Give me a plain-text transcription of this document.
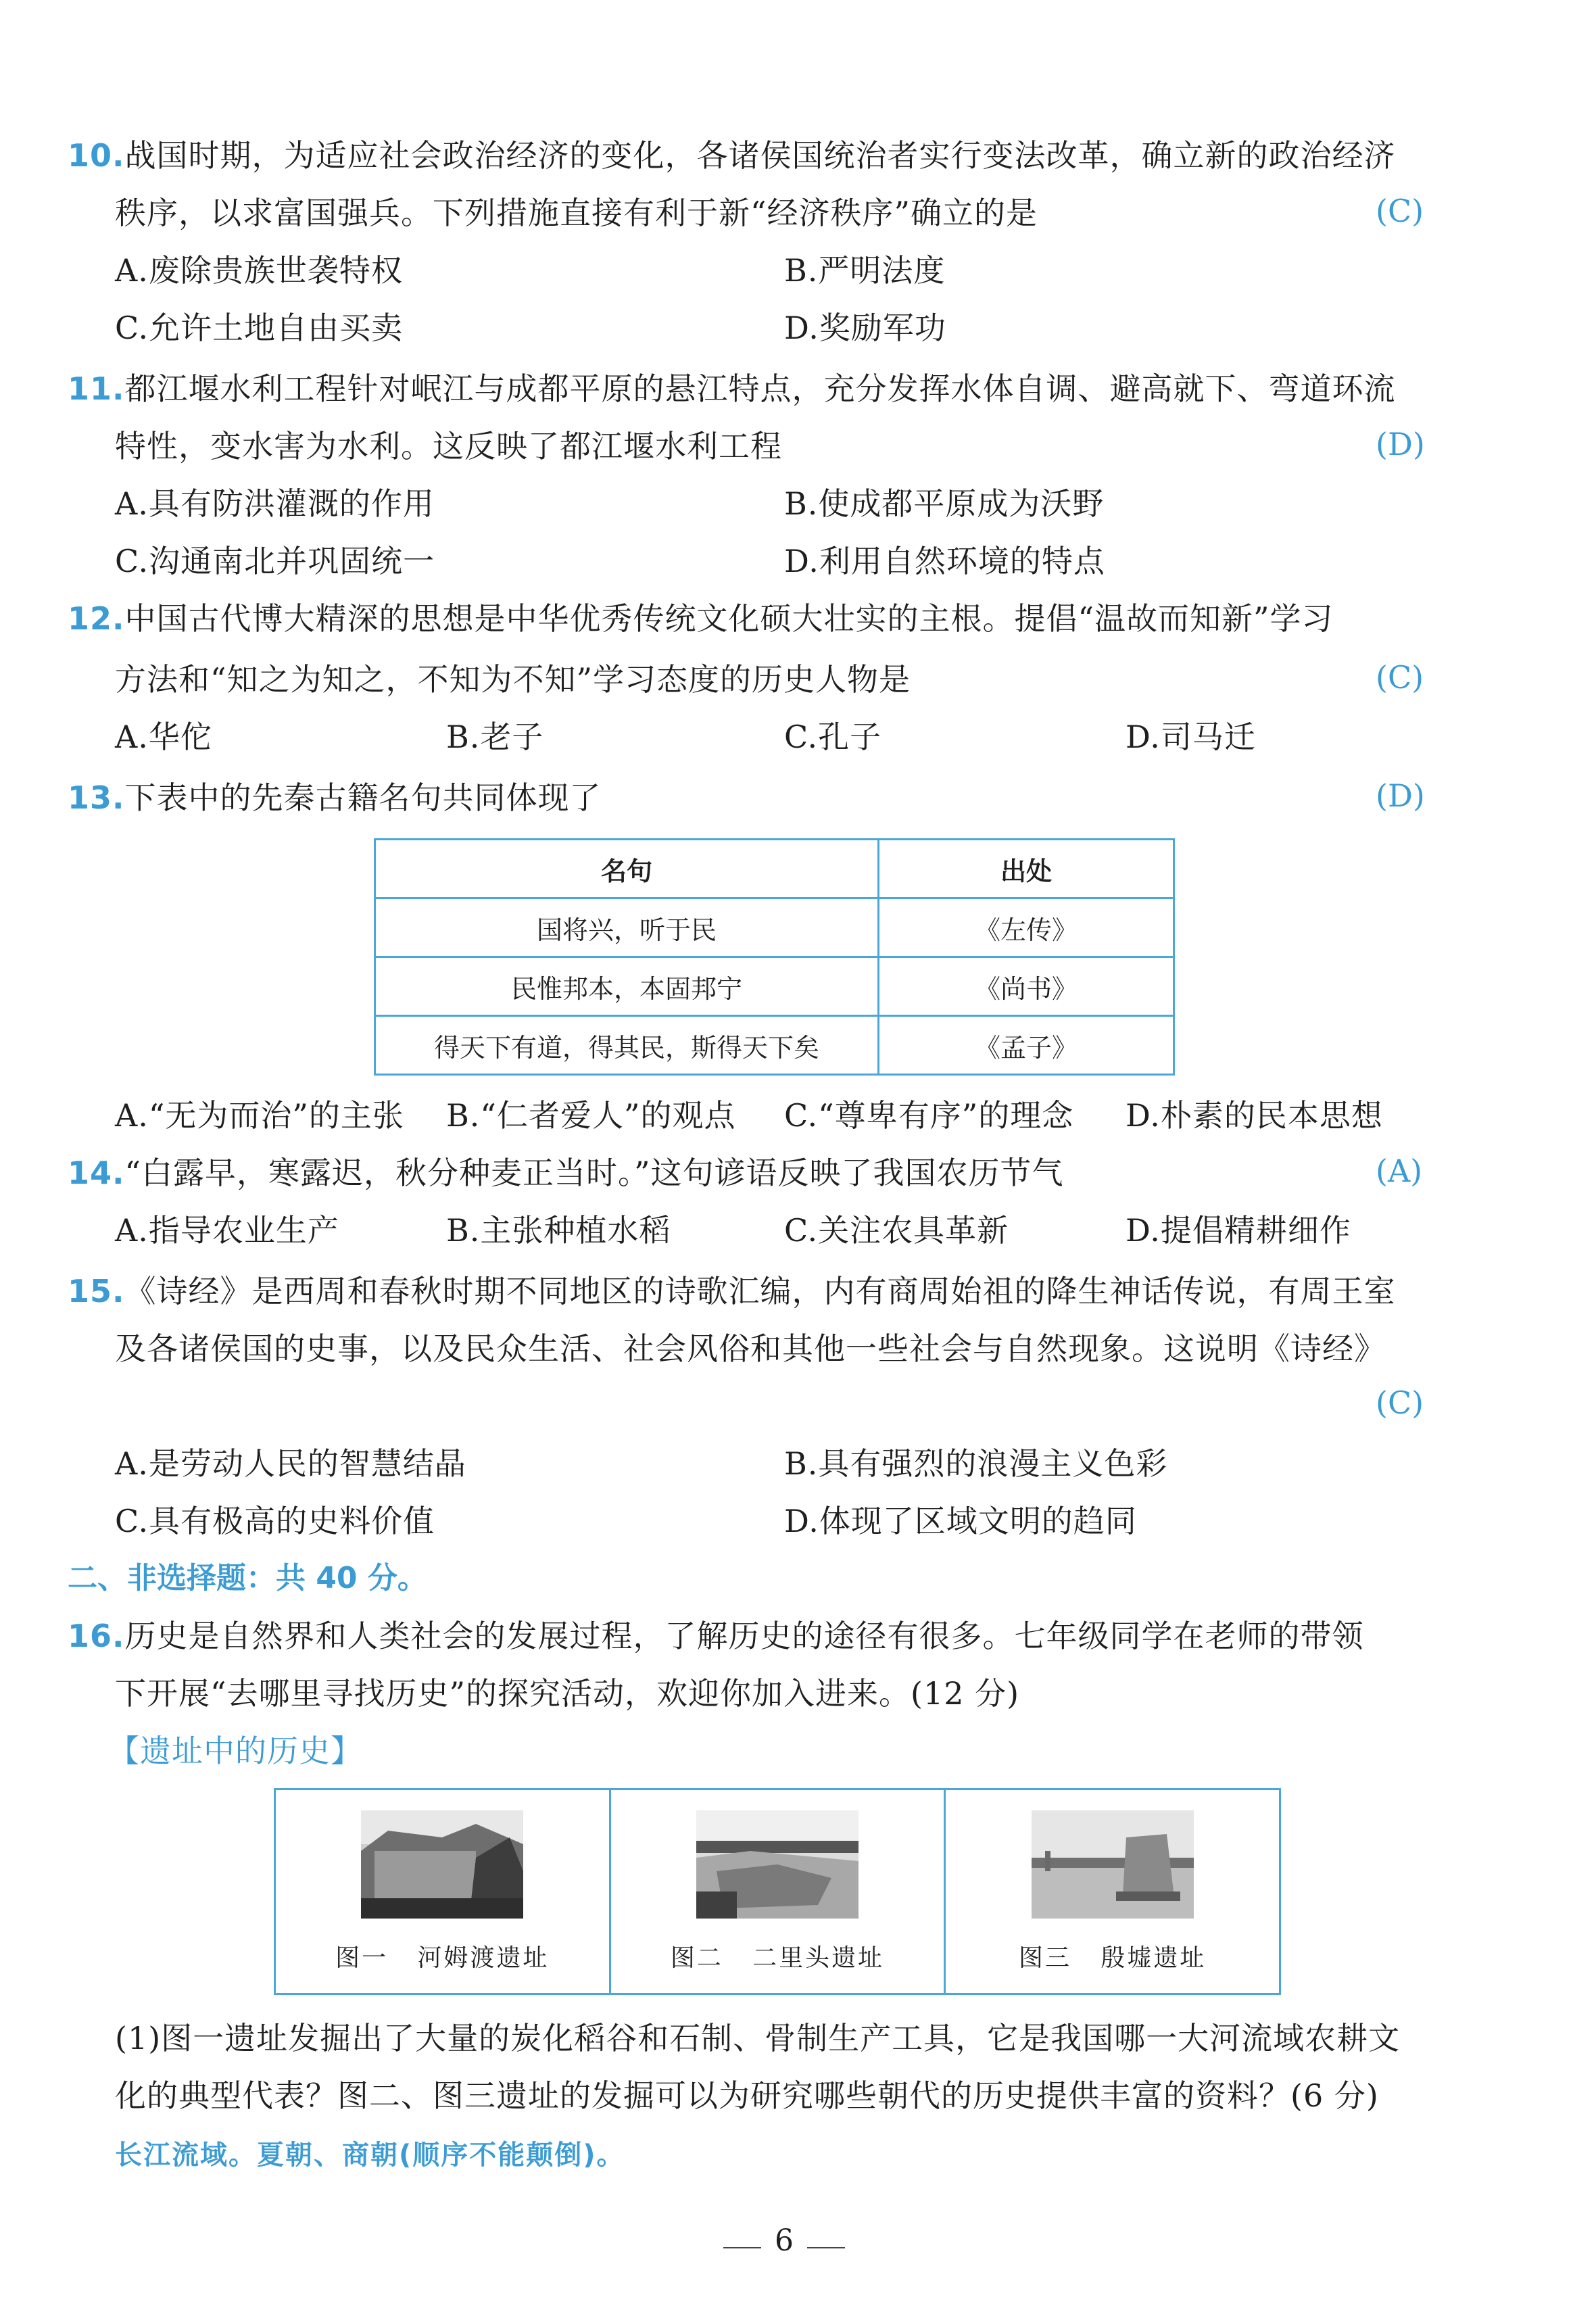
10.战国时期，为适应社会政治经济的变化，各诸侯国统治者实行变法改革，确立新的政治经济
秩序，以求富国强兵。下列措施直接有利于新“经济秩序”确立的是	(C)
A.废除贵族世袭特权	B.严明法度
C.允许土地自由买卖	D.奖励军功
11.都江堰水利工程针对岷江与成都平原的悬江特点，充分发挥水体自调、避高就下、弯道环流
特性，变水害为水利。这反映了都江堰水利工程	(D)
A.具有防洪灌溉的作用	B.使成都平原成为沃野
C.沟通南北并巩固统一	D.利用自然环境的特点
12.中国古代博大精深的思想是中华优秀传统文化硕大壮实的主根。提倡“温故而知新”学习
方法和“知之为知之，不知为不知”学习态度的历史人物是	(C)
A.华佗	B.老子	C.孔子	D.司马迁
13.下表中的先秦古籍名句共同体现了	(D)
名句	出处
国将兴，听于民	《左传》
民惟邦本，本固邦宁	《尚书》
得天下有道，得其民，斯得天下矣	《孟子》
A.“无为而治”的主张 B.“仁者爱人”的观点 C.“尊卑有序”的理念 D.朴素的民本思想
14.“白露早，寒露迟，秋分种麦正当时。”这句谚语反映了我国农历节气	(A)
A.指导农业生产	B.主张种植水稻	C.关注农具革新	D.提倡精耕细作
15.《诗经》是西周和春秋时期不同地区的诗歌汇编，内有商周始祖的降生神话传说，有周王室
及各诸侯国的史事，以及民众生活、社会风俗和其他一些社会与自然现象。这说明《诗经》
(C)
A.是劳动人民的智慧结晶	B.具有强烈的浪漫主义色彩
C.具有极高的史料价值	D.体现了区域文明的趋同
二、非选择题：共 40 分。
16.历史是自然界和人类社会的发展过程，了解历史的途径有很多。七年级同学在老师的带领
下开展“去哪里寻找历史”的探究活动，欢迎你加入进来。(12 分)
【遗址中的历史】
图一 河姆渡遗址	图二 二里头遗址	图三 殷墟遗址
(1)图一遗址发掘出了大量的炭化稻谷和石制、骨制生产工具，它是我国哪一大河流域农耕文
化的典型代表？图二、图三遗址的发掘可以为研究哪些朝代的历史提供丰富的资料？(6 分)
长江流域。夏朝、商朝(顺序不能颠倒)。
6
